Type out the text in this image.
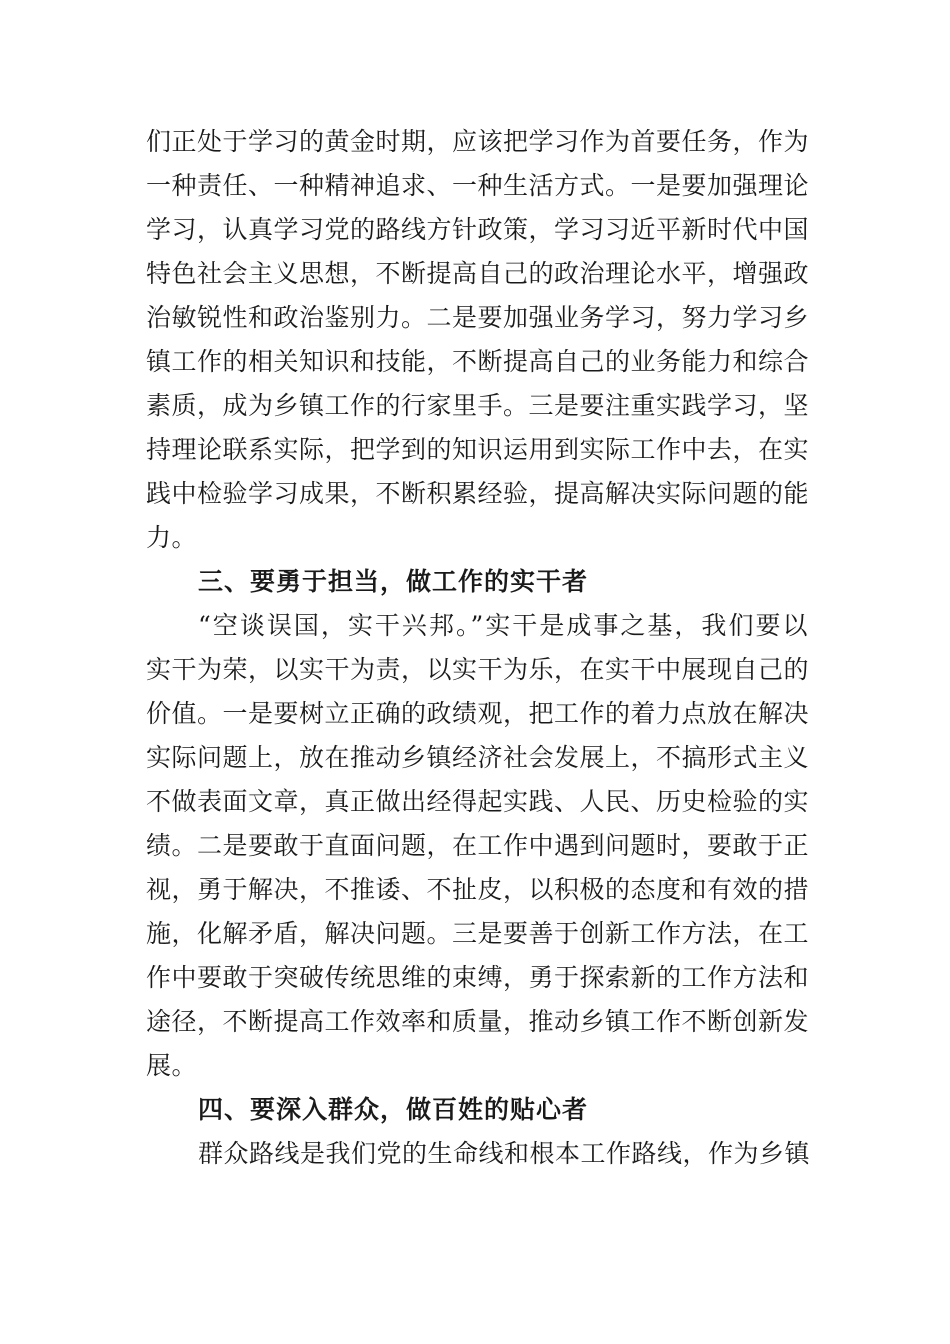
们正处于学习的黄金时期，应该把学习作为首要任务，作为
一种责任、一种精神追求、一种生活方式。一是要加强理论
学习，认真学习党的路线方针政策，学习习近平新时代中国
特色社会主义思想，不断提高自己的政治理论水平，增强政
治敏锐性和政治鉴别力。二是要加强业务学习，努力学习乡
镇工作的相关知识和技能，不断提高自己的业务能力和综合
素质，成为乡镇工作的行家里手。三是要注重实践学习，坚
持理论联系实际，把学到的知识运用到实际工作中去，在实
践中检验学习成果，不断积累经验，提高解决实际问题的能
力。
三、要勇于担当，做工作的实干者
“空谈误国，实干兴邦。”实干是成事之基，我们要以
实干为荣，以实干为责，以实干为乐，在实干中展现自己的
价值。一是要树立正确的政绩观，把工作的着力点放在解决
实际问题上，放在推动乡镇经济社会发展上，不搞形式主义
不做表面文章，真正做出经得起实践、人民、历史检验的实
绩。二是要敢于直面问题，在工作中遇到问题时，要敢于正
视，勇于解决，不推诿、不扯皮，以积极的态度和有效的措
施，化解矛盾，解决问题。三是要善于创新工作方法，在工
作中要敢于突破传统思维的束缚，勇于探索新的工作方法和
途径，不断提高工作效率和质量，推动乡镇工作不断创新发
展。
四、要深入群众，做百姓的贴心者
群众路线是我们党的生命线和根本工作路线，作为乡镇
